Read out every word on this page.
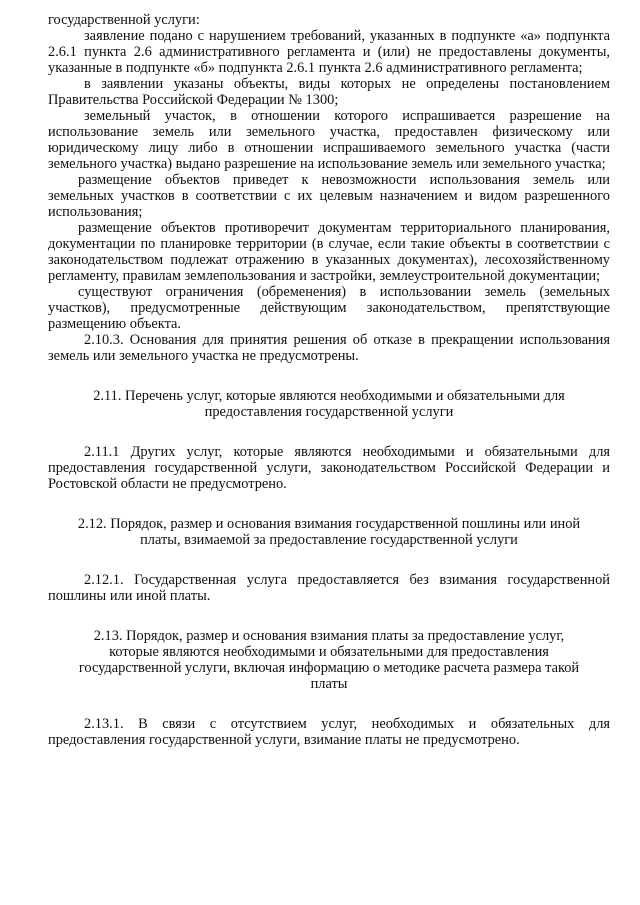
государственной услуги:

заявление подано с нарушением требований, указанных в подпункте «а» подпункта 2.6.1 пункта 2.6 административного регламента и (или) не предоставлены документы, указанные в подпункте «б» подпункта 2.6.1 пункта 2.6 административного регламента;

в заявлении указаны объекты, виды которых не определены постановлением Правительства Российской Федерации № 1300;

земельный участок, в отношении которого испрашивается разрешение на использование земель или земельного участка, предоставлен физическому или юридическому лицу либо в отношении испрашиваемого земельного участка (части земельного участка) выдано разрешение на использование земель или земельного участка;

размещение объектов приведет к невозможности использования земель или земельных участков в соответствии с их целевым назначением и видом разрешенного использования;

размещение объектов противоречит документам территориального планирования, документации по планировке территории (в случае, если такие объекты в соответствии с законодательством подлежат отражению в указанных документах), лесохозяйственному регламенту, правилам землепользования и застройки, землеустроительной документации;

существуют ограничения (обременения) в использовании земель (земельных участков), предусмотренные действующим законодательством, препятствующие размещению объекта.

2.10.3. Основания для принятия решения об отказе в прекращении использования земель или земельного участка не предусмотрены.

2.11. Перечень услуг, которые являются необходимыми и обязательными для предоставления государственной услуги

2.11.1 Других услуг, которые являются необходимыми и обязательными для предоставления государственной услуги, законодательством Российской Федерации и Ростовской области не предусмотрено.

2.12. Порядок, размер и основания взимания государственной пошлины или иной платы, взимаемой за предоставление государственной услуги

2.12.1. Государственная услуга предоставляется без взимания государственной пошлины или иной платы.

2.13. Порядок, размер и основания взимания платы за предоставление услуг, которые являются необходимыми и обязательными для предоставления государственной услуги, включая информацию о методике расчета размера такой платы

2.13.1. В связи с отсутствием услуг, необходимых и обязательных для предоставления государственной услуги, взимание платы не предусмотрено.
